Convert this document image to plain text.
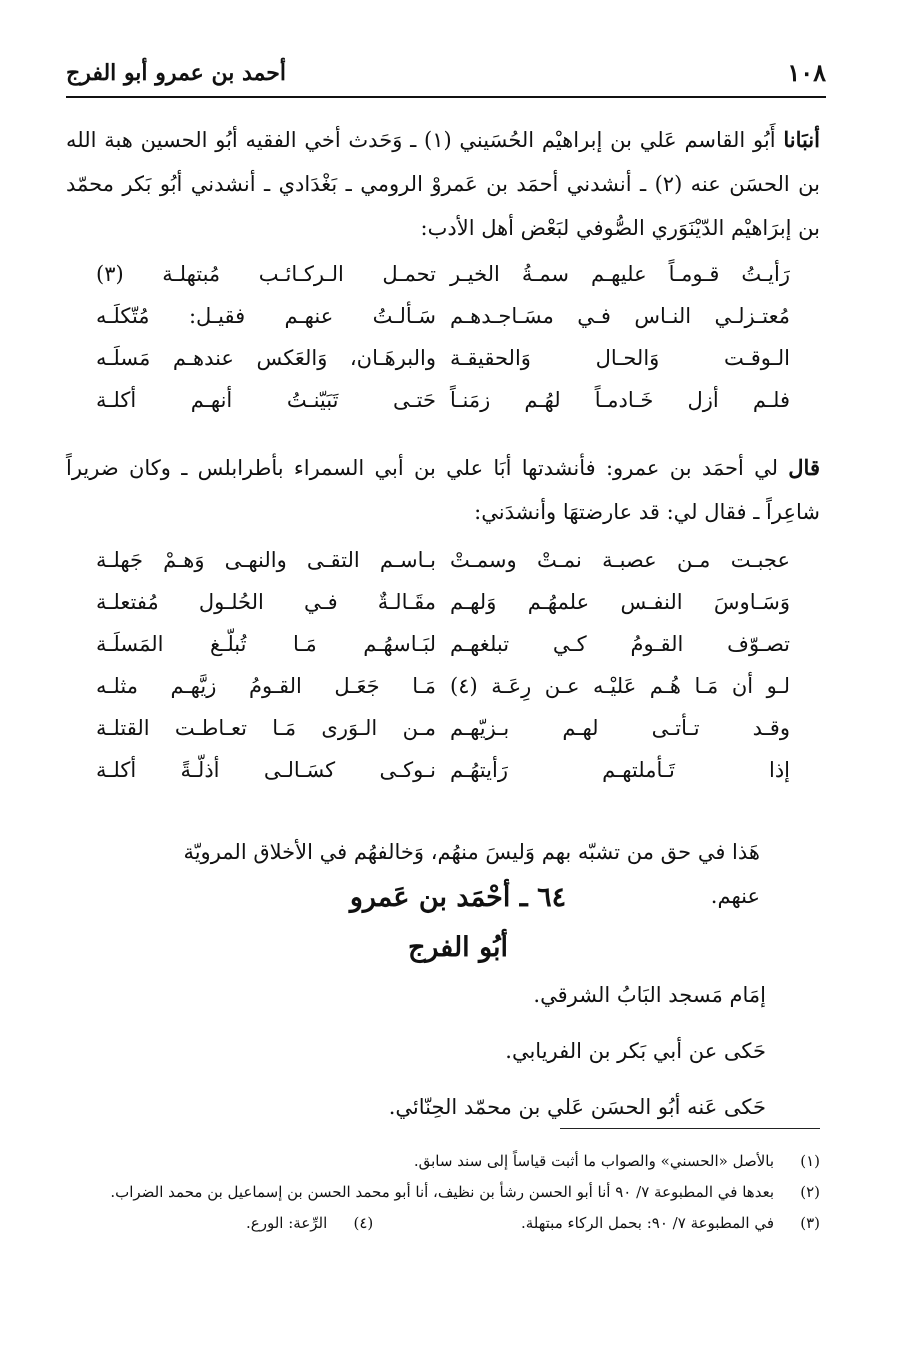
١٠٨
أحمد بن عمرو أبو الفرج

أنبَانا أَبُو القاسم عَلي بن إبراهيْم الحُسَيني (١) ـ وَحَدث أخي الفقيه أبُو الحسين هبة الله بن الحسَن عنه (٢) ـ أنشدني أحمَد بن عَمروْ الرومي ـ بَغْدَادي ـ أنشدني أبُو بَكر محمّد بن إبرَاهيْم الدّيْنَوَري الصُّوفي لبَعْض أهل الأدب:

رَأيـتُ قـومـاً عليهـم سمـةُ الخيـر
تحمـل الـركـائـب مُبتهلـة (٣)
مُعتـزلـي النـاس فـي مسَـاجـدهـم
سَـألـتُ عنهـم فقيـل: مُتّكلَـه
الـوقـت وَالحـال وَالحقيقـة
والبرهَـان، وَالعَكس عندهـم مَسلَـه
فلـم أزل خَـادمـاً لهُـم زمَنـاً
حَتـى تَبَيّنـتُ أنهـم أكلـة

قال لي أحمَد بن عمرو: فأنشدتها أبَا علي بن أبي السمراء بأطرابلس ـ وكان ضريراً شاعِراً ـ فقال لي: قد عارضتهَا وأنشدَني:

عجبـت مـن عصبـة نمـتْ وسمـتْ
بـاسـم التقـى والنهـى وَهـمْ جَهلـة
وَسَـاوسَ النفـس علمهُـم وَلهـم
مقَـالـةٌ فـي الحُلـول مُفتعلـة
تصـوّف القـومُ كـي تبلغهـم
لبَـاسهُـم مَـا تُبلّـغ المَسلَـة
لـو أن مَـا هُـم عَليْـه عـن رِعَـة (٤)
مَـا جَعَـل القـومُ زيَّهـم مثلـه
وقـد تـأتـى لهـم بـزيّهـم
مـن الـوَرى مَـا تعـاطـت القتلـة
إذا تَـأملتهـم رَأيتهُـم
نـوكـى كسَـالـى أذلّـةً أكلـة
هَذا في حق من تشبّه بهم وَليسَ منهُم، وَخالفهُم في الأخلاق المرويّة عنهم.
٦٤ ـ أحْمَد بن عَمرو
أبُو الفرج
إمَام مَسجد البَابُ الشرقي.
حَكى عن أبي بَكر بن الفريابي.
حَكى عَنه أبُو الحسَن عَلي بن محمّد الحِنّائي.
(١)
بالأصل «الحسني» والصواب ما أثبت قياساً إلى سند سابق.
(٢)
بعدها في المطبوعة ٧/ ٩٠ أنا أبو الحسن رشأ بن نظيف، أنا أبو محمد الحسن بن إسماعيل بن محمد الضراب.
(٣)
في المطبوعة ٧/ ٩٠: بحمل الركاء مبتهلة.
(٤)
الرِّعة: الورع.
